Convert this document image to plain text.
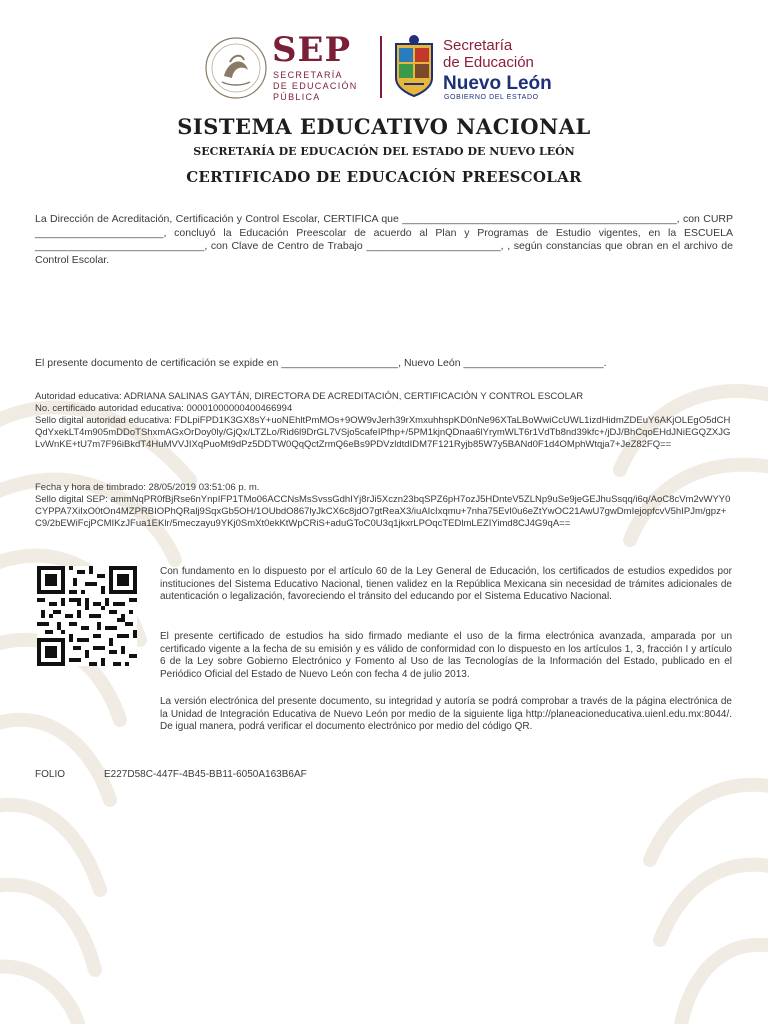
SEP
SECRETARÍA
DE EDUCACIÓN
PÚBLICA
Secretaría
de Educación
Nuevo León
GOBIERNO DEL ESTADO
SISTEMA EDUCATIVO NACIONAL
SECRETARÍA DE EDUCACIÓN DEL ESTADO DE NUEVO LEÓN
CERTIFICADO DE EDUCACIÓN PREESCOLAR
La Dirección de Acreditación, Certificación y Control Escolar, CERTIFICA que _______________________________________________, con CURP ______________________, concluyó la Educación Preescolar de acuerdo al Plan y Programas de Estudio vigentes, en la ESCUELA _____________________________, con Clave de Centro de Trabajo _______________________, , según constancias que obran en el archivo de Control Escolar.
El presente documento de certificación se expide en ____________________, Nuevo León ________________________.
Autoridad educativa: ADRIANA SALINAS GAYTÁN, DIRECTORA DE ACREDITACIÓN, CERTIFICACIÓN Y CONTROL ESCOLAR
No. certificado autoridad educativa: 00001000000400466994
Sello digital autoridad educativa: FDLpiFPD1K3GX8sY+uoNEhltPmMOs+9OW9vJerh39rXmxuhhspKD0nNe96XTaLBoWwiCcUWL1izdHidmZDEuY6AKjOLEgO5dCHQdYxekLT4m905mDDoTShxmAGxOrDoy0ly/GjQx/LTZLo/Rid6l9DrGL7VSjo5cafeIPfhp+/5PM1kjnQDnaa6lYrymWLT6r1VdTb8nd39kfc+/jDJ/BhCqoEHdJNiEGQZXJGLvWnKE+tU7m7F96iBkdT4HuMVVJIXqPuoMt9dPz5DDTW0QqQctZrmQ6eBs9PDVzldtdIDM7F121Ryjb85W7y5BANd0F1d4OMphWtqja7+JeZ82FQ==
Fecha y hora de timbrado: 28/05/2019 03:51:06 p. m.
Sello digital SEP: ammNqPR0fBjRse6nYnpIFP1TMo06ACCNsMsSvssGdhIYj8rJi5Xczn23bqSPZ6pH7ozJ5HDnteV5ZLNp9uSe9jeGEJhuSsqq/i6q/AoC8cVm2vWYY0CYPPA7XiIxO0tOn4MZPRBIOPhQRalj9SqxGb5OH/1OUbdO867lyJkCX6c8jdO7gtReaX3/iuAIcIxqmu+7nha75EvI0u6eZtYwOC21AwU7gwDmIejopfcvV5hIPJm/gpz+C9/2bEWiFcjPCMIKzJFua1EKlr/5meczayu9YKj0SmXt0ekKtWpCRiS+aduGToC0U3q1jkxrLPOqcTEDlmLEZIYimd8CJ4G9qA==
Con fundamento en lo dispuesto por el artículo 60 de la Ley General de Educación, los certificados de estudios expedidos por instituciones del Sistema Educativo Nacional, tienen validez en la República Mexicana sin necesidad de trámites adicionales de autenticación o legalización, favoreciendo el tránsito del educando por el Sistema Educativo Nacional.
El presente certificado de estudios ha sido firmado mediante el uso de la firma electrónica avanzada, amparada por un certificado vigente a la fecha de su emisión y es válido de conformidad con lo dispuesto en los artículos 1, 3, fracción I y artículo 6 de la Ley sobre Gobierno Electrónico y Fomento al Uso de las Tecnologías de la Información del Estado, publicado en el Periódico Oficial del Estado de Nuevo León con fecha 4 de julio 2013.
La versión electrónica del presente documento, su integridad y autoría se podrá comprobar a través de la página electrónica de la Unidad de Integración Educativa de Nuevo León por medio de la siguiente liga http://planeacioneducativa.uienl.edu.mx:8044/. De igual manera, podrá verificar el documento electrónico por medio del código QR.
FOLIO	E227D58C-447F-4B45-BB11-6050A163B6AF
